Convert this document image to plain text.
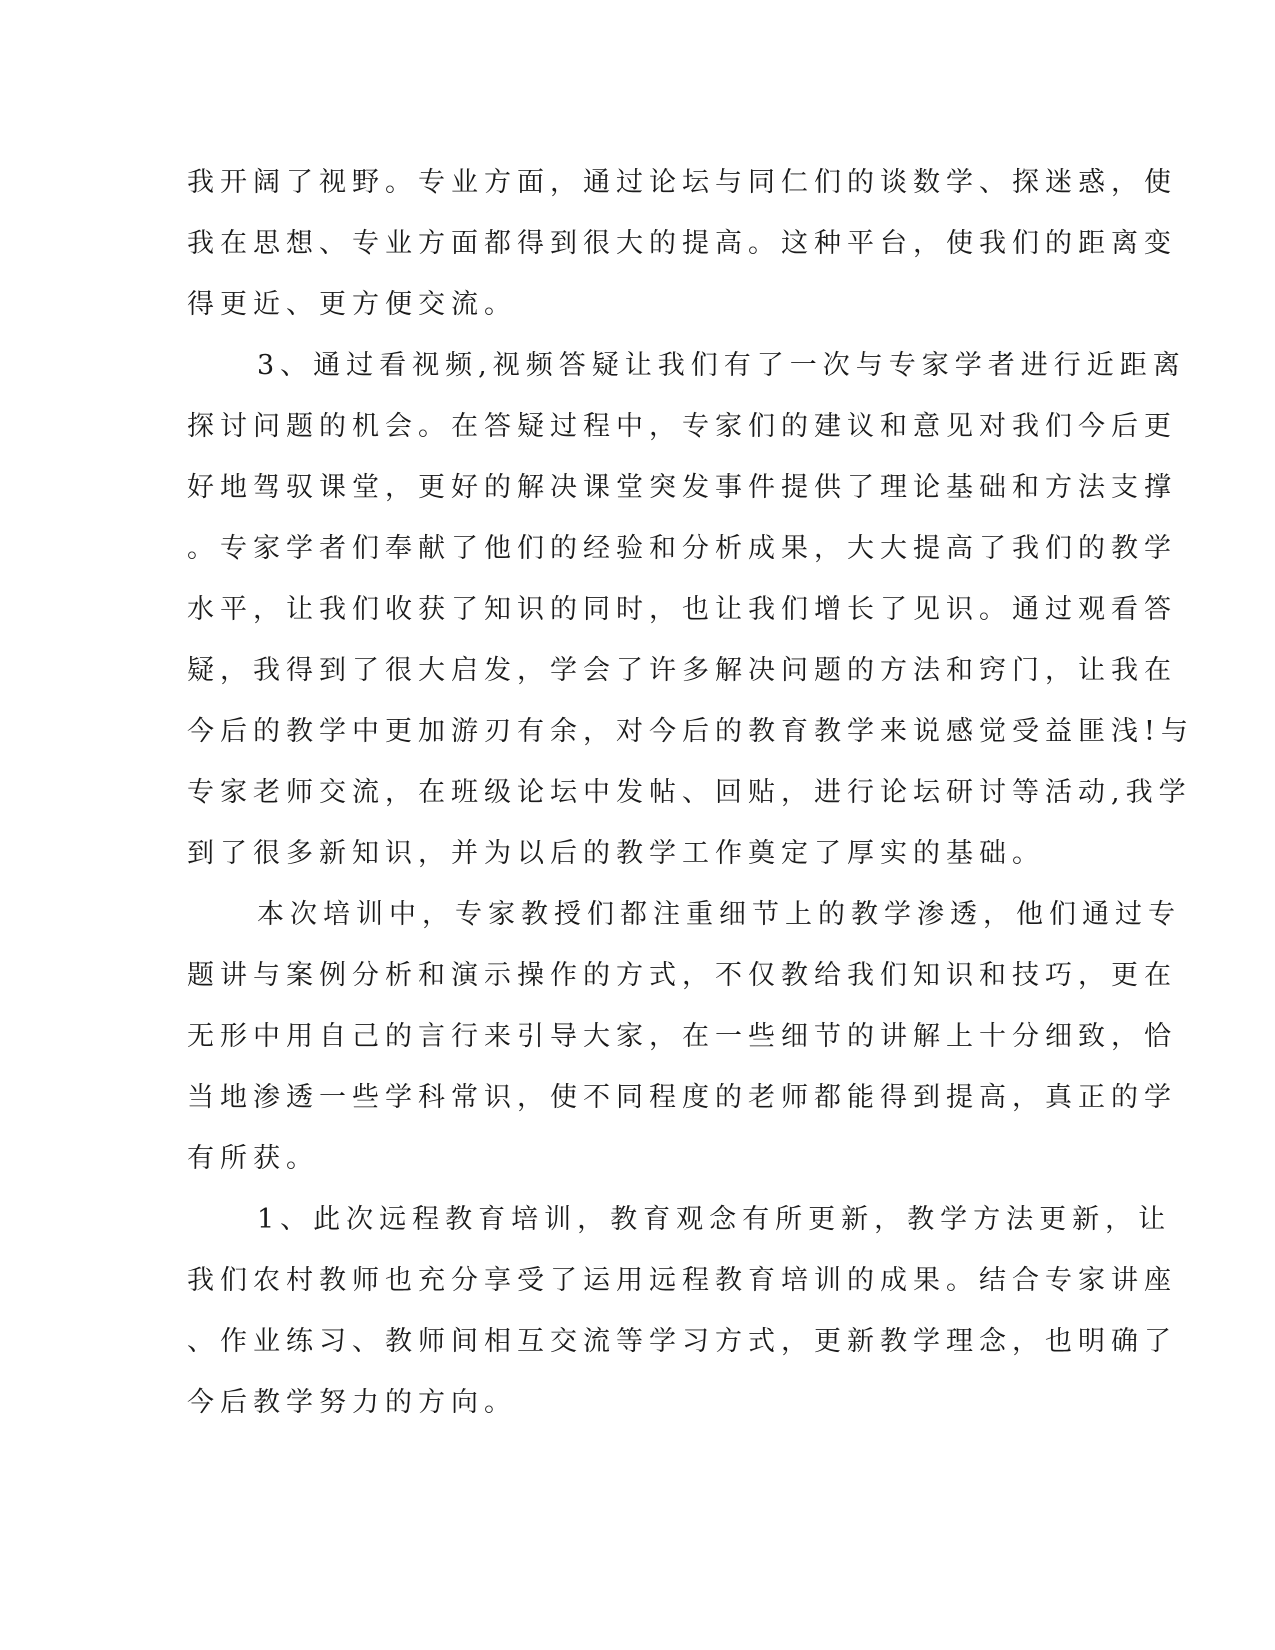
我开阔了视野。专业方面，通过论坛与同仁们的谈数学、探迷惑，使
我在思想、专业方面都得到很大的提高。这种平台，使我们的距离变
得更近、更方便交流。
3、通过看视频,视频答疑让我们有了一次与专家学者进行近距离
探讨问题的机会。在答疑过程中，专家们的建议和意见对我们今后更
好地驾驭课堂，更好的解决课堂突发事件提供了理论基础和方法支撑
。专家学者们奉献了他们的经验和分析成果，大大提高了我们的教学
水平，让我们收获了知识的同时，也让我们增长了见识。通过观看答
疑，我得到了很大启发，学会了许多解决问题的方法和窍门，让我在
今后的教学中更加游刃有余，对今后的教育教学来说感觉受益匪浅!与
专家老师交流，在班级论坛中发帖、回贴，进行论坛研讨等活动,我学
到了很多新知识，并为以后的教学工作奠定了厚实的基础。
本次培训中，专家教授们都注重细节上的教学渗透，他们通过专
题讲与案例分析和演示操作的方式，不仅教给我们知识和技巧，更在
无形中用自己的言行来引导大家，在一些细节的讲解上十分细致，恰
当地渗透一些学科常识，使不同程度的老师都能得到提高，真正的学
有所获。
1、此次远程教育培训，教育观念有所更新，教学方法更新，让
我们农村教师也充分享受了运用远程教育培训的成果。结合专家讲座
、作业练习、教师间相互交流等学习方式，更新教学理念，也明确了
今后教学努力的方向。
